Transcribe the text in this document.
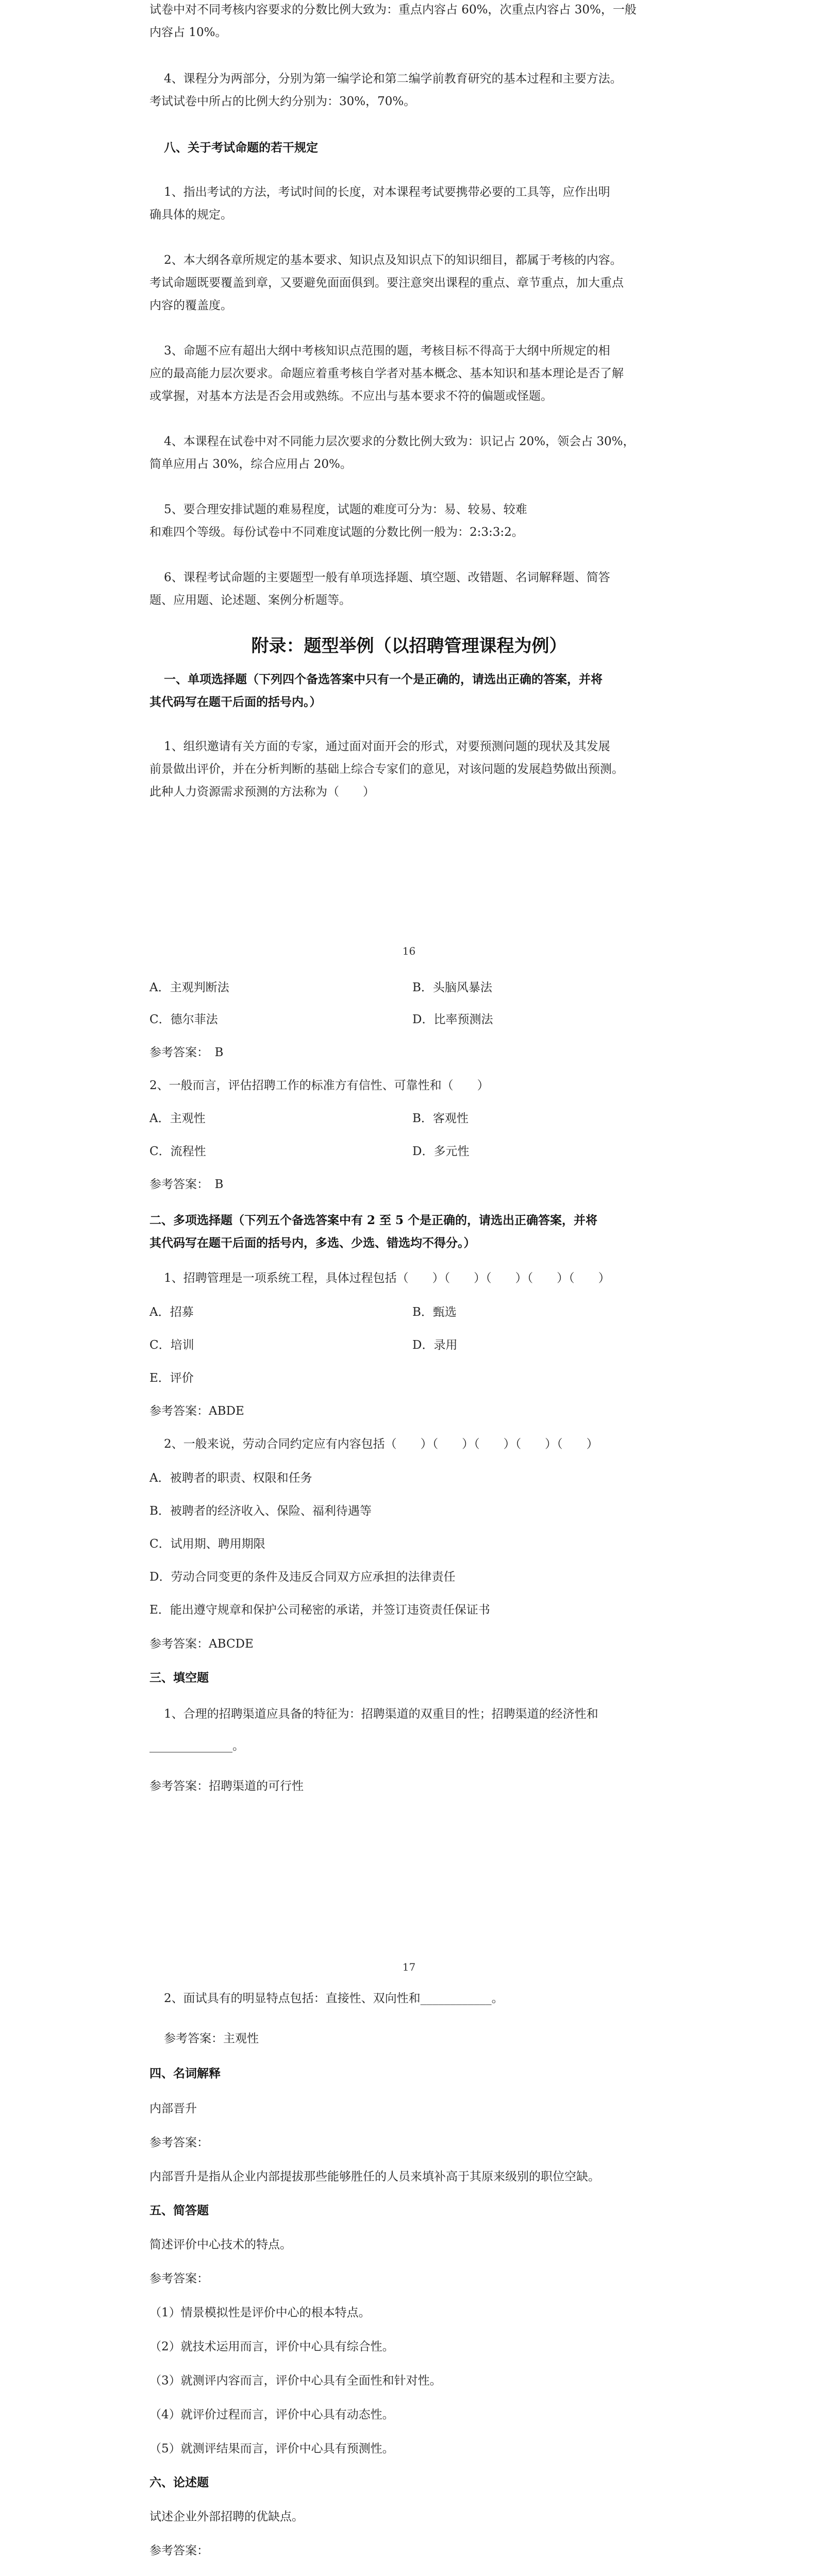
试卷中对不同考核内容要求的分数比例大致为：重点内容占 60%，次重点内容占 30%，一般

内容占 10%。

4、课程分为两部分，分别为第一编学论和第二编学前教育研究的基本过程和主要方法。

考试试卷中所占的比例大约分别为：30%，70%。

八、关于考试命题的若干规定

1、指出考试的方法，考试时间的长度，对本课程考试要携带必要的工具等，应作出明

确具体的规定。

2、本大纲各章所规定的基本要求、知识点及知识点下的知识细目，都属于考核的内容。

考试命题既要覆盖到章，又要避免面面俱到。要注意突出课程的重点、章节重点，加大重点

内容的覆盖度。

3、命题不应有超出大纲中考核知识点范围的题，考核目标不得高于大纲中所规定的相

应的最高能力层次要求。命题应着重考核自学者对基本概念、基本知识和基本理论是否了解

或掌握，对基本方法是否会用或熟练。不应出与基本要求不符的偏题或怪题。

4、本课程在试卷中对不同能力层次要求的分数比例大致为：识记占 20%，领会占 30%，

简单应用占 30%，综合应用占 20%。

5、要合理安排试题的难易程度，试题的难度可分为：易、较易、较难

和难四个等级。每份试卷中不同难度试题的分数比例一般为：2:3:3:2。

6、课程考试命题的主要题型一般有单项选择题、填空题、改错题、名词解释题、简答

题、应用题、论述题、案例分析题等。

附录：题型举例（以招聘管理课程为例）

一、单项选择题（下列四个备选答案中只有一个是正确的，请选出正确的答案，并将

其代码写在题干后面的括号内。）

1、组织邀请有关方面的专家，通过面对面开会的形式，对要预测问题的现状及其发展

前景做出评价，并在分析判断的基础上综合专家们的意见，对该问题的发展趋势做出预测。

此种人力资源需求预测的方法称为（　　）

16

A．主观判断法	B．头脑风暴法

C．德尔菲法	D．比率预测法

参考答案：　B

2、一般而言，评估招聘工作的标准方有信性、可靠性和（　　）

A．主观性	B．客观性

C．流程性	D．多元性

参考答案：　B

二、多项选择题（下列五个备选答案中有 2 至 5 个是正确的，请选出正确答案，并将

其代码写在题干后面的括号内，多选、少选、错选均不得分。）

1、招聘管理是一项系统工程，具体过程包括（　　）（　　）（　　）（　　）（　　）

A．招募	B．甄选

C．培训	D．录用

E．评价

参考答案：ABDE

2、一般来说，劳动合同约定应有内容包括（　　）（　　）（　　）（　　）（　　）

A．被聘者的职责、权限和任务

B．被聘者的经济收入、保险、福利待遇等

C．试用期、聘用期限

D．劳动合同变更的条件及违反合同双方应承担的法律责任

E．能出遵守规章和保护公司秘密的承诺，并签订违资责任保证书

参考答案：ABCDE

三、填空题

1、合理的招聘渠道应具备的特征为：招聘渠道的双重目的性；招聘渠道的经济性和

______________。

参考答案：招聘渠道的可行性

17

2、面试具有的明显特点包括：直接性、双向性和____________。

参考答案：主观性

四、名词解释

内部晋升

参考答案：

内部晋升是指从企业内部提拔那些能够胜任的人员来填补高于其原来级别的职位空缺。

五、简答题

简述评价中心技术的特点。

参考答案：

（1）情景模拟性是评价中心的根本特点。

（2）就技术运用而言，评价中心具有综合性。

（3）就测评内容而言，评价中心具有全面性和针对性。

（4）就评价过程而言，评价中心具有动态性。

（5）就测评结果而言，评价中心具有预测性。

六、论述题

试述企业外部招聘的优缺点。

参考答案：
